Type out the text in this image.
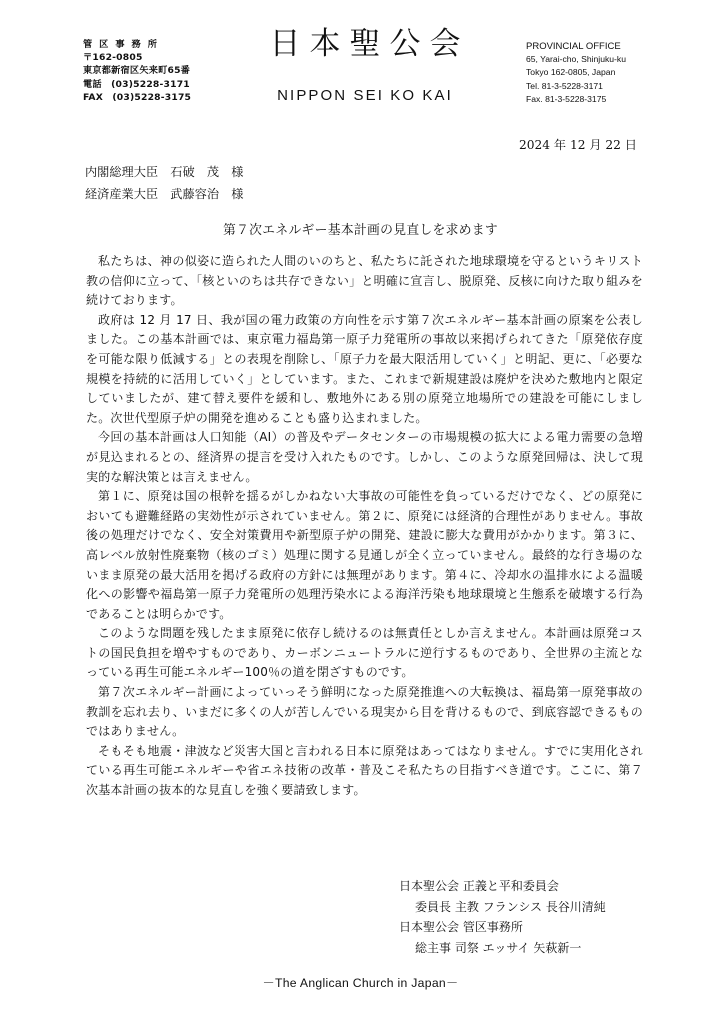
管区事務所
〒162-0805
東京都新宿区矢来町65番
電話　(03)5228-3171
FAX　(03)5228-3175
日本聖公会
NIPPON SEI KO KAI
PROVINCIAL OFFICE
65, Yarai-cho, Shinjuku-ku
Tokyo 162-0805, Japan
Tel. 81-3-5228-3171
Fax. 81-3-5228-3175
2024 年 12 月 22 日
内閣総理大臣　石破　茂　様
経済産業大臣　武藤容治　様
第７次エネルギー基本計画の見直しを求めます

私たちは、神の似姿に造られた人間のいのちと、私たちに託された地球環境を守るというキリスト教の信仰に立って、「核といのちは共存できない」と明確に宣言し、脱原発、反核に向けた取り組みを続けております。

政府は 12 月 17 日、我が国の電力政策の方向性を示す第７次エネルギー基本計画の原案を公表しました。この基本計画では、東京電力福島第一原子力発電所の事故以来掲げられてきた「原発依存度を可能な限り低減する」との表現を削除し、「原子力を最大限活用していく」と明記、更に、「必要な規模を持続的に活用していく」としています。また、これまで新規建設は廃炉を決めた敷地内と限定していましたが、建て替え要件を緩和し、敷地外にある別の原発立地場所での建設を可能にしました。次世代型原子炉の開発を進めることも盛り込まれました。

今回の基本計画は人口知能（AI）の普及やデータセンターの市場規模の拡大による電力需要の急増が見込まれるとの、経済界の提言を受け入れたものです。しかし、このような原発回帰は、決して現実的な解決策とは言えません。

第１に、原発は国の根幹を揺るがしかねない大事故の可能性を負っているだけでなく、どの原発においても避難経路の実効性が示されていません。第２に、原発には経済的合理性がありません。事故後の処理だけでなく、安全対策費用や新型原子炉の開発、建設に膨大な費用がかかります。第３に、高レベル放射性廃棄物（核のゴミ）処理に関する見通しが全く立っていません。最終的な行き場のないまま原発の最大活用を掲げる政府の方針には無理があります。第４に、冷却水の温排水による温暖化への影響や福島第一原子力発電所の処理汚染水による海洋汚染も地球環境と生態系を破壊する行為であることは明らかです。

このような問題を残したまま原発に依存し続けるのは無責任としか言えません。本計画は原発コストの国民負担を増やすものであり、カーボンニュートラルに逆行するものであり、全世界の主流となっている再生可能エネルギー100％の道を閉ざすものです。

第７次エネルギー計画によっていっそう鮮明になった原発推進への大転換は、福島第一原発事故の教訓を忘れ去り、いまだに多くの人が苦しんでいる現実から目を背けるもので、到底容認できるものではありません。

そもそも地震・津波など災害大国と言われる日本に原発はあってはなりません。すでに実用化されている再生可能エネルギーや省エネ技術の改革・普及こそ私たちの目指すべき道です。ここに、第７次基本計画の抜本的な見直しを強く要請致します。

日本聖公会 正義と平和委員会
委員長 主教 フランシス 長谷川清純
日本聖公会 管区事務所
総主事 司祭 エッサイ 矢萩新一
－The Anglican Church in Japan－
